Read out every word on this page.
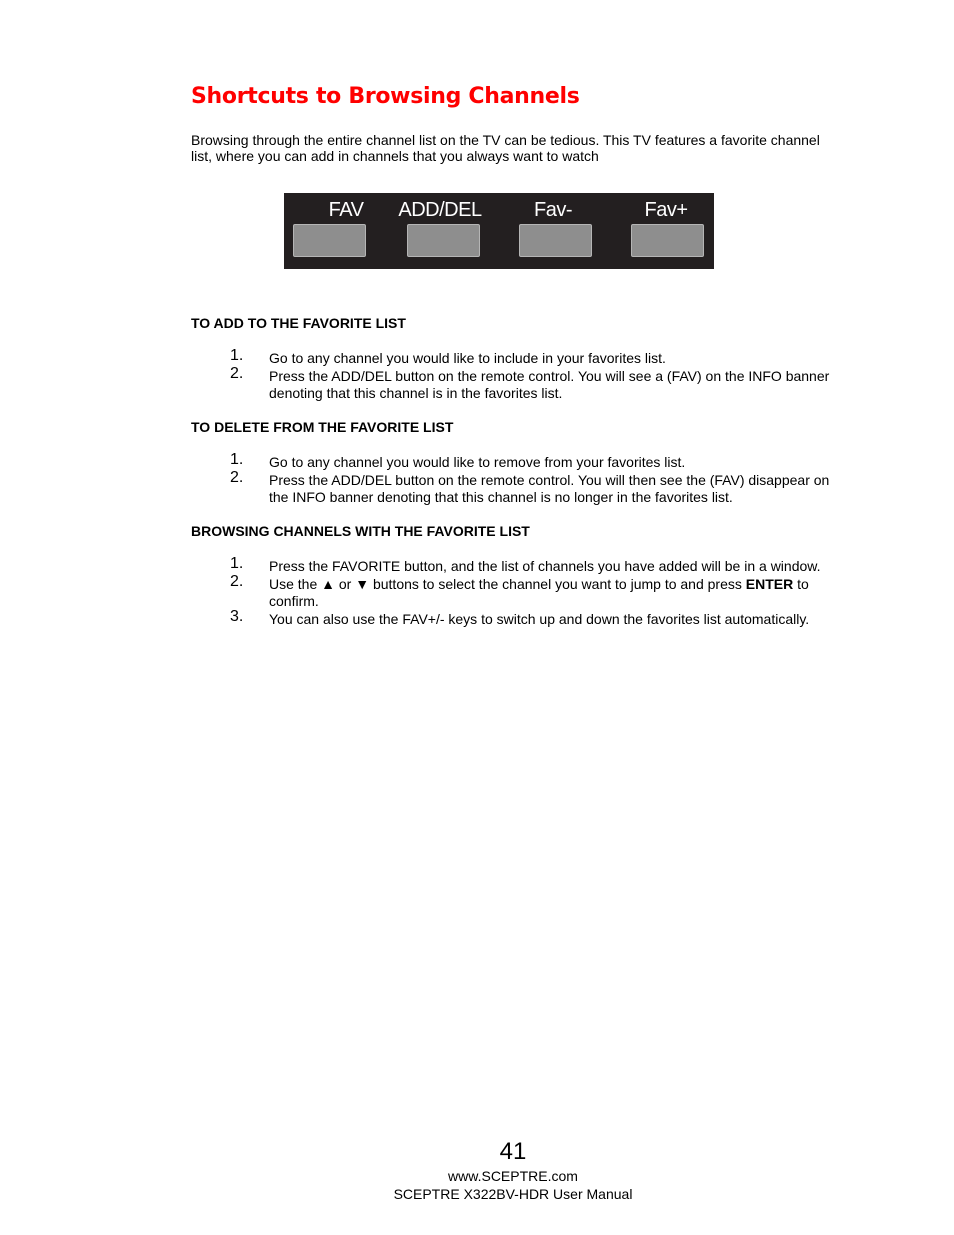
Shortcuts to Browsing Channels

Browsing through the entire channel list on the TV can be tedious. This TV features a favorite channel list, where you can add in channels that you always want to watch

FAV	ADD/DEL	Fav-	Fav+
TO ADD TO THE FAVORITE LIST
1. Go to any channel you would like to include in your favorites list.
2. Press the ADD/DEL button on the remote control. You will see a (FAV) on the INFO banner denoting that this channel is in the favorites list.
TO DELETE FROM THE FAVORITE LIST
1. Go to any channel you would like to remove from your favorites list.
2. Press the ADD/DEL button on the remote control. You will then see the (FAV) disappear on the INFO banner denoting that this channel is no longer in the favorites list.
BROWSING CHANNELS WITH THE FAVORITE LIST
1. Press the FAVORITE button, and the list of channels you have added will be in a window.
2. Use the ▲ or ▼ buttons to select the channel you want to jump to and press ENTER to confirm.
3. You can also use the FAV+/- keys to switch up and down the favorites list automatically.
41
www.SCEPTRE.com
SCEPTRE X322BV-HDR User Manual
